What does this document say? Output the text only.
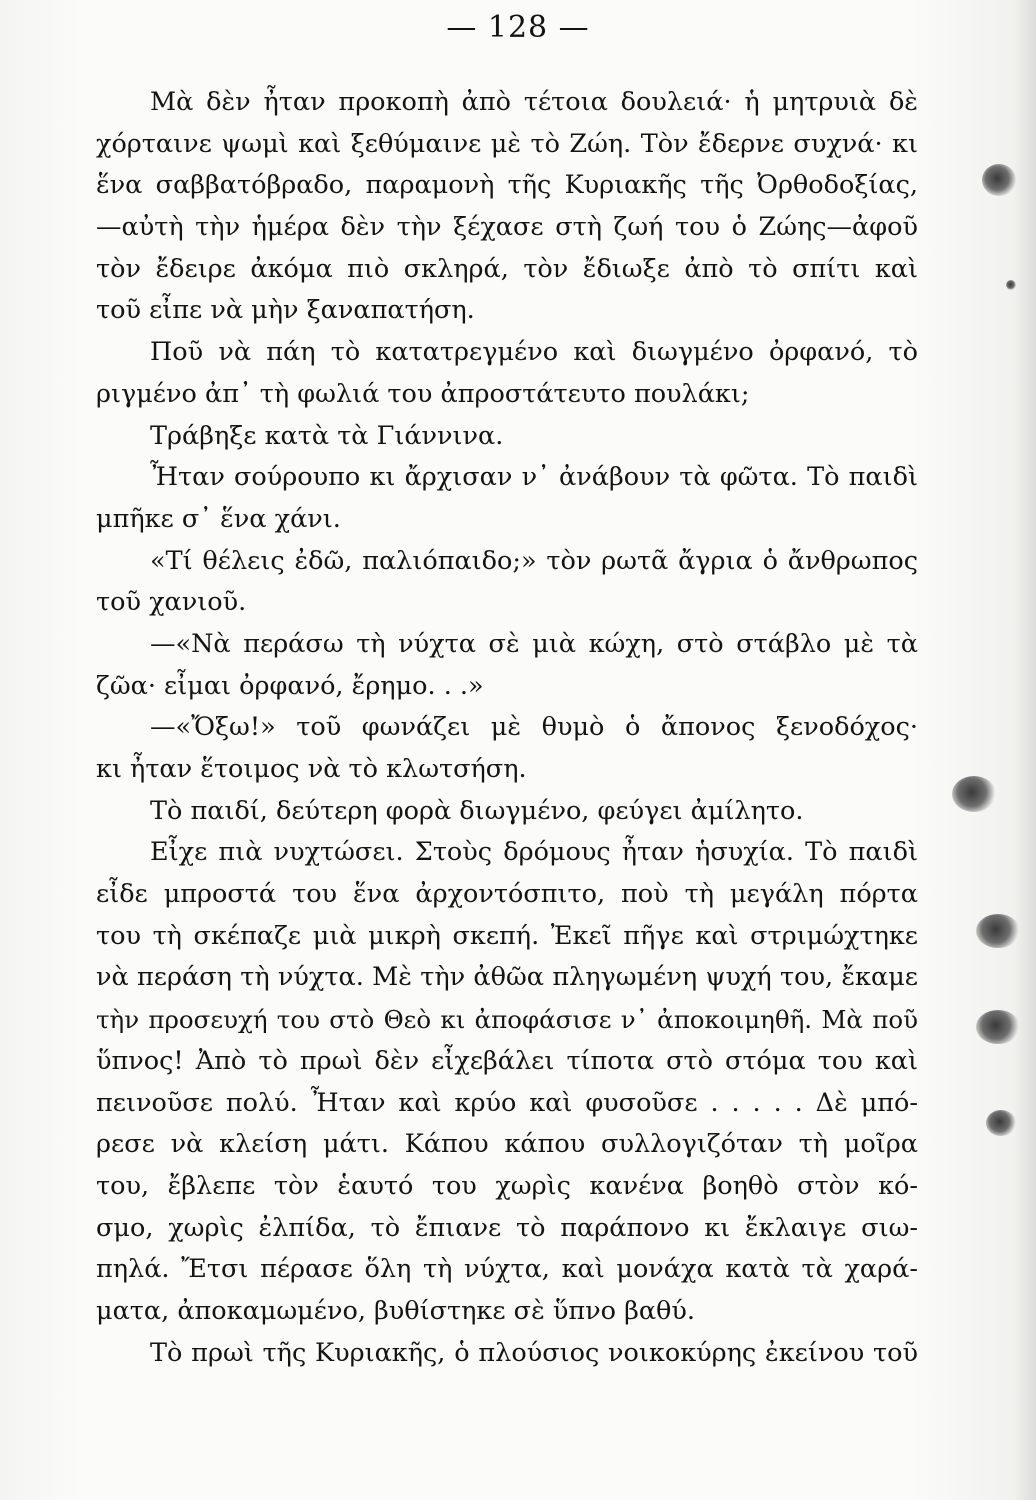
— 128 —
Μὰ δὲν ἦταν προκοπὴ ἀπὸ τέτοια δουλειά· ἡ μητρυιὰ δὲ
χόρταινε ψωμὶ καὶ ξεθύμαινε μὲ τὸ Ζώη. Τὸν ἔδερνε συχνά· κι
ἕνα σαββατόβραδο, παραμονὴ τῆς Κυριακῆς τῆς Ὀρθοδοξίας,
—αὐτὴ τὴν ἡμέρα δὲν τὴν ξέχασε στὴ ζωή του ὁ Ζώης—ἀφοῦ
τὸν ἔδειρε ἀκόμα πιὸ σκληρά, τὸν ἔδιωξε ἀπὸ τὸ σπίτι καὶ
τοῦ εἶπε νὰ μὴν ξαναπατήση.
Ποῦ νὰ πάη τὸ κατατρεγμένο καὶ διωγμένο ὀρφανό, τὸ
ριγμένο ἀπ᾽ τὴ φωλιά του ἀπροστάτευτο πουλάκι;
Τράβηξε κατὰ τὰ Γιάννινα.
Ἦταν σούρουπο κι ἄρχισαν ν᾽ ἀνάβουν τὰ φῶτα. Τὸ παιδὶ
μπῆκε σ᾽ ἕνα χάνι.
«Τί θέλεις ἐδῶ, παλιόπαιδο;» τὸν ρωτᾶ ἄγρια ὁ ἄνθρωπος
τοῦ χανιοῦ.
—«Νὰ περάσω τὴ νύχτα σὲ μιὰ κώχη, στὸ στάβλο μὲ τὰ
ζῶα· εἶμαι ὀρφανό, ἔρημο. . .»
—«Ὄξω!» τοῦ φωνάζει μὲ θυμὸ ὁ ἄπονος ξενοδόχος·
κι ἦταν ἕτοιμος νὰ τὸ κλωτσήση.
Τὸ παιδί, δεύτερη φορὰ διωγμένο, φεύγει ἀμίλητο.
Εἶχε πιὰ νυχτώσει. Στοὺς δρόμους ἦταν ἡσυχία. Τὸ παιδὶ
εἶδε μπροστά του ἕνα ἀρχοντόσπιτο, ποὺ τὴ μεγάλη πόρτα
του τὴ σκέπαζε μιὰ μικρὴ σκεπή. Ἐκεῖ πῆγε καὶ στριμώχτηκε
νὰ περάση τὴ νύχτα. Μὲ τὴν ἀθῶα πληγωμένη ψυχή του, ἔκαμε
τὴν προσευχή του στὸ Θεὸ κι ἀποφάσισε ν᾽ ἀποκοιμηθῆ. Μὰ ποῦ
ὕπνος! Ἀπὸ τὸ πρωὶ δὲν εἶχεβάλει τίποτα στὸ στόμα του καὶ
πεινοῦσε πολύ. Ἦταν καὶ κρύο καὶ φυσοῦσε . . . . . Δὲ μπό-
ρεσε νὰ κλείση μάτι. Κάπου κάπου συλλογιζόταν τὴ μοῖρα
του, ἔβλεπε τὸν ἑαυτό του χωρὶς κανένα βοηθὸ στὸν κό-
σμο, χωρὶς ἐλπίδα, τὸ ἔπιανε τὸ παράπονο κι ἔκλαιγε σιω-
πηλά. Ἔτσι πέρασε ὅλη τὴ νύχτα, καὶ μονάχα κατὰ τὰ χαρά-
ματα, ἀποκαμωμένο, βυθίστηκε σὲ ὕπνο βαθύ.
Τὸ πρωὶ τῆς Κυριακῆς, ὁ πλούσιος νοικοκύρης ἐκείνου τοῦ
